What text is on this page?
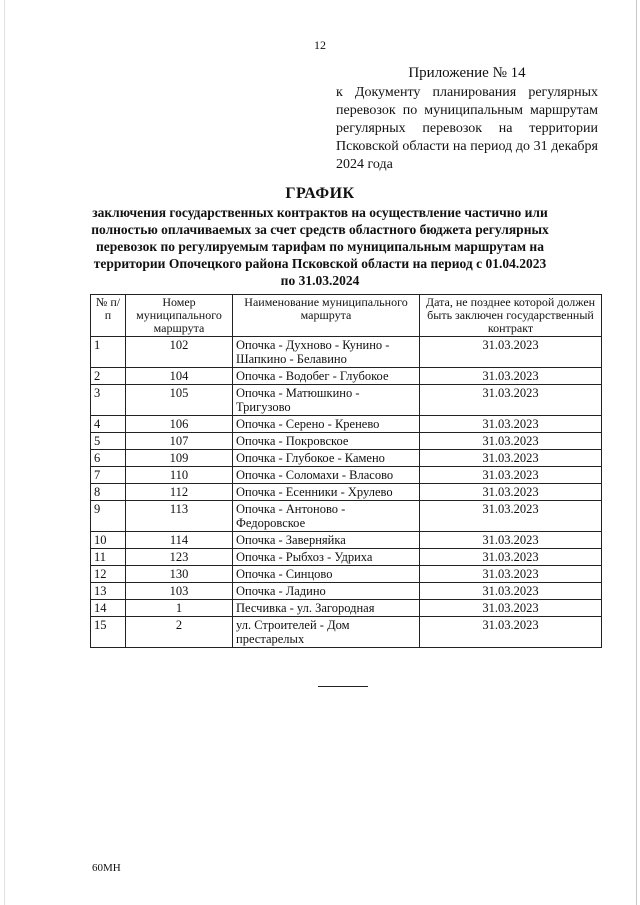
12
Приложение № 14
к Документу планирования регулярных перевозок по муниципальным маршрутам регулярных перевозок на территории Псковской области на период до 31 декабря 2024 года
ГРАФИК
заключения государственных контрактов на осуществление частично или полностью оплачиваемых за счет средств областного бюджета регулярных перевозок по регулируемым тарифам по муниципальным маршрутам на территории Опочецкого района Псковской области на период с 01.04.2023 по 31.03.2024
№ п/п	Номер муниципального маршрута	Наименование муниципального маршрута	Дата, не позднее которой должен быть заключен государственный контракт
1	102	Опочка - Духново - Кунино - Шапкино - Белавино	31.03.2023
2	104	Опочка - Водобег - Глубокое	31.03.2023
3	105	Опочка - Матюшкино - Тригузово	31.03.2023
4	106	Опочка - Серено - Кренево	31.03.2023
5	107	Опочка - Покровское	31.03.2023
6	109	Опочка - Глубокое - Камено	31.03.2023
7	110	Опочка - Соломахи - Власово	31.03.2023
8	112	Опочка - Есенники - Хрулево	31.03.2023
9	113	Опочка - Антоново - Федоровское	31.03.2023
10	114	Опочка - Заверняйка	31.03.2023
11	123	Опочка - Рыбхоз - Удриха	31.03.2023
12	130	Опочка - Синцово	31.03.2023
13	103	Опочка - Ладино	31.03.2023
14	1	Песчивка - ул. Загородная	31.03.2023
15	2	ул. Строителей - Дом престарелых	31.03.2023
60МН
